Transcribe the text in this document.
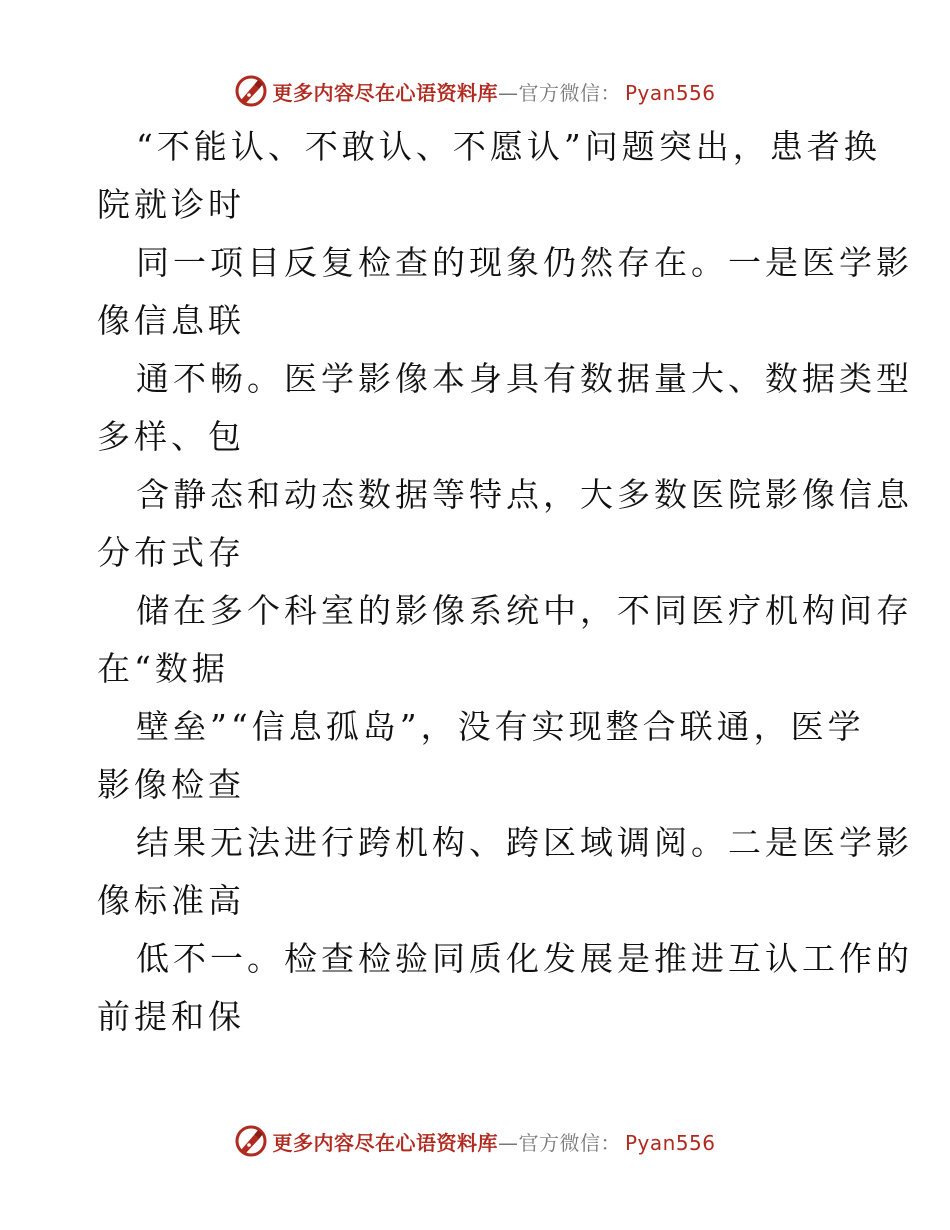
更多内容尽在心语资料库—官方微信： Pyan556
“不能认、不敢认、不愿认”问题突出，患者换
院就诊时
同一项目反复检查的现象仍然存在。一是医学影
像信息联
通不畅。医学影像本身具有数据量大、数据类型
多样、包
含静态和动态数据等特点，大多数医院影像信息
分布式存
储在多个科室的影像系统中，不同医疗机构间存
在“数据
壁垒”“信息孤岛”，没有实现整合联通，医学
影像检查
结果无法进行跨机构、跨区域调阅。二是医学影
像标准高
低不一。检查检验同质化发展是推进互认工作的
前提和保
更多内容尽在心语资料库—官方微信： Pyan556
